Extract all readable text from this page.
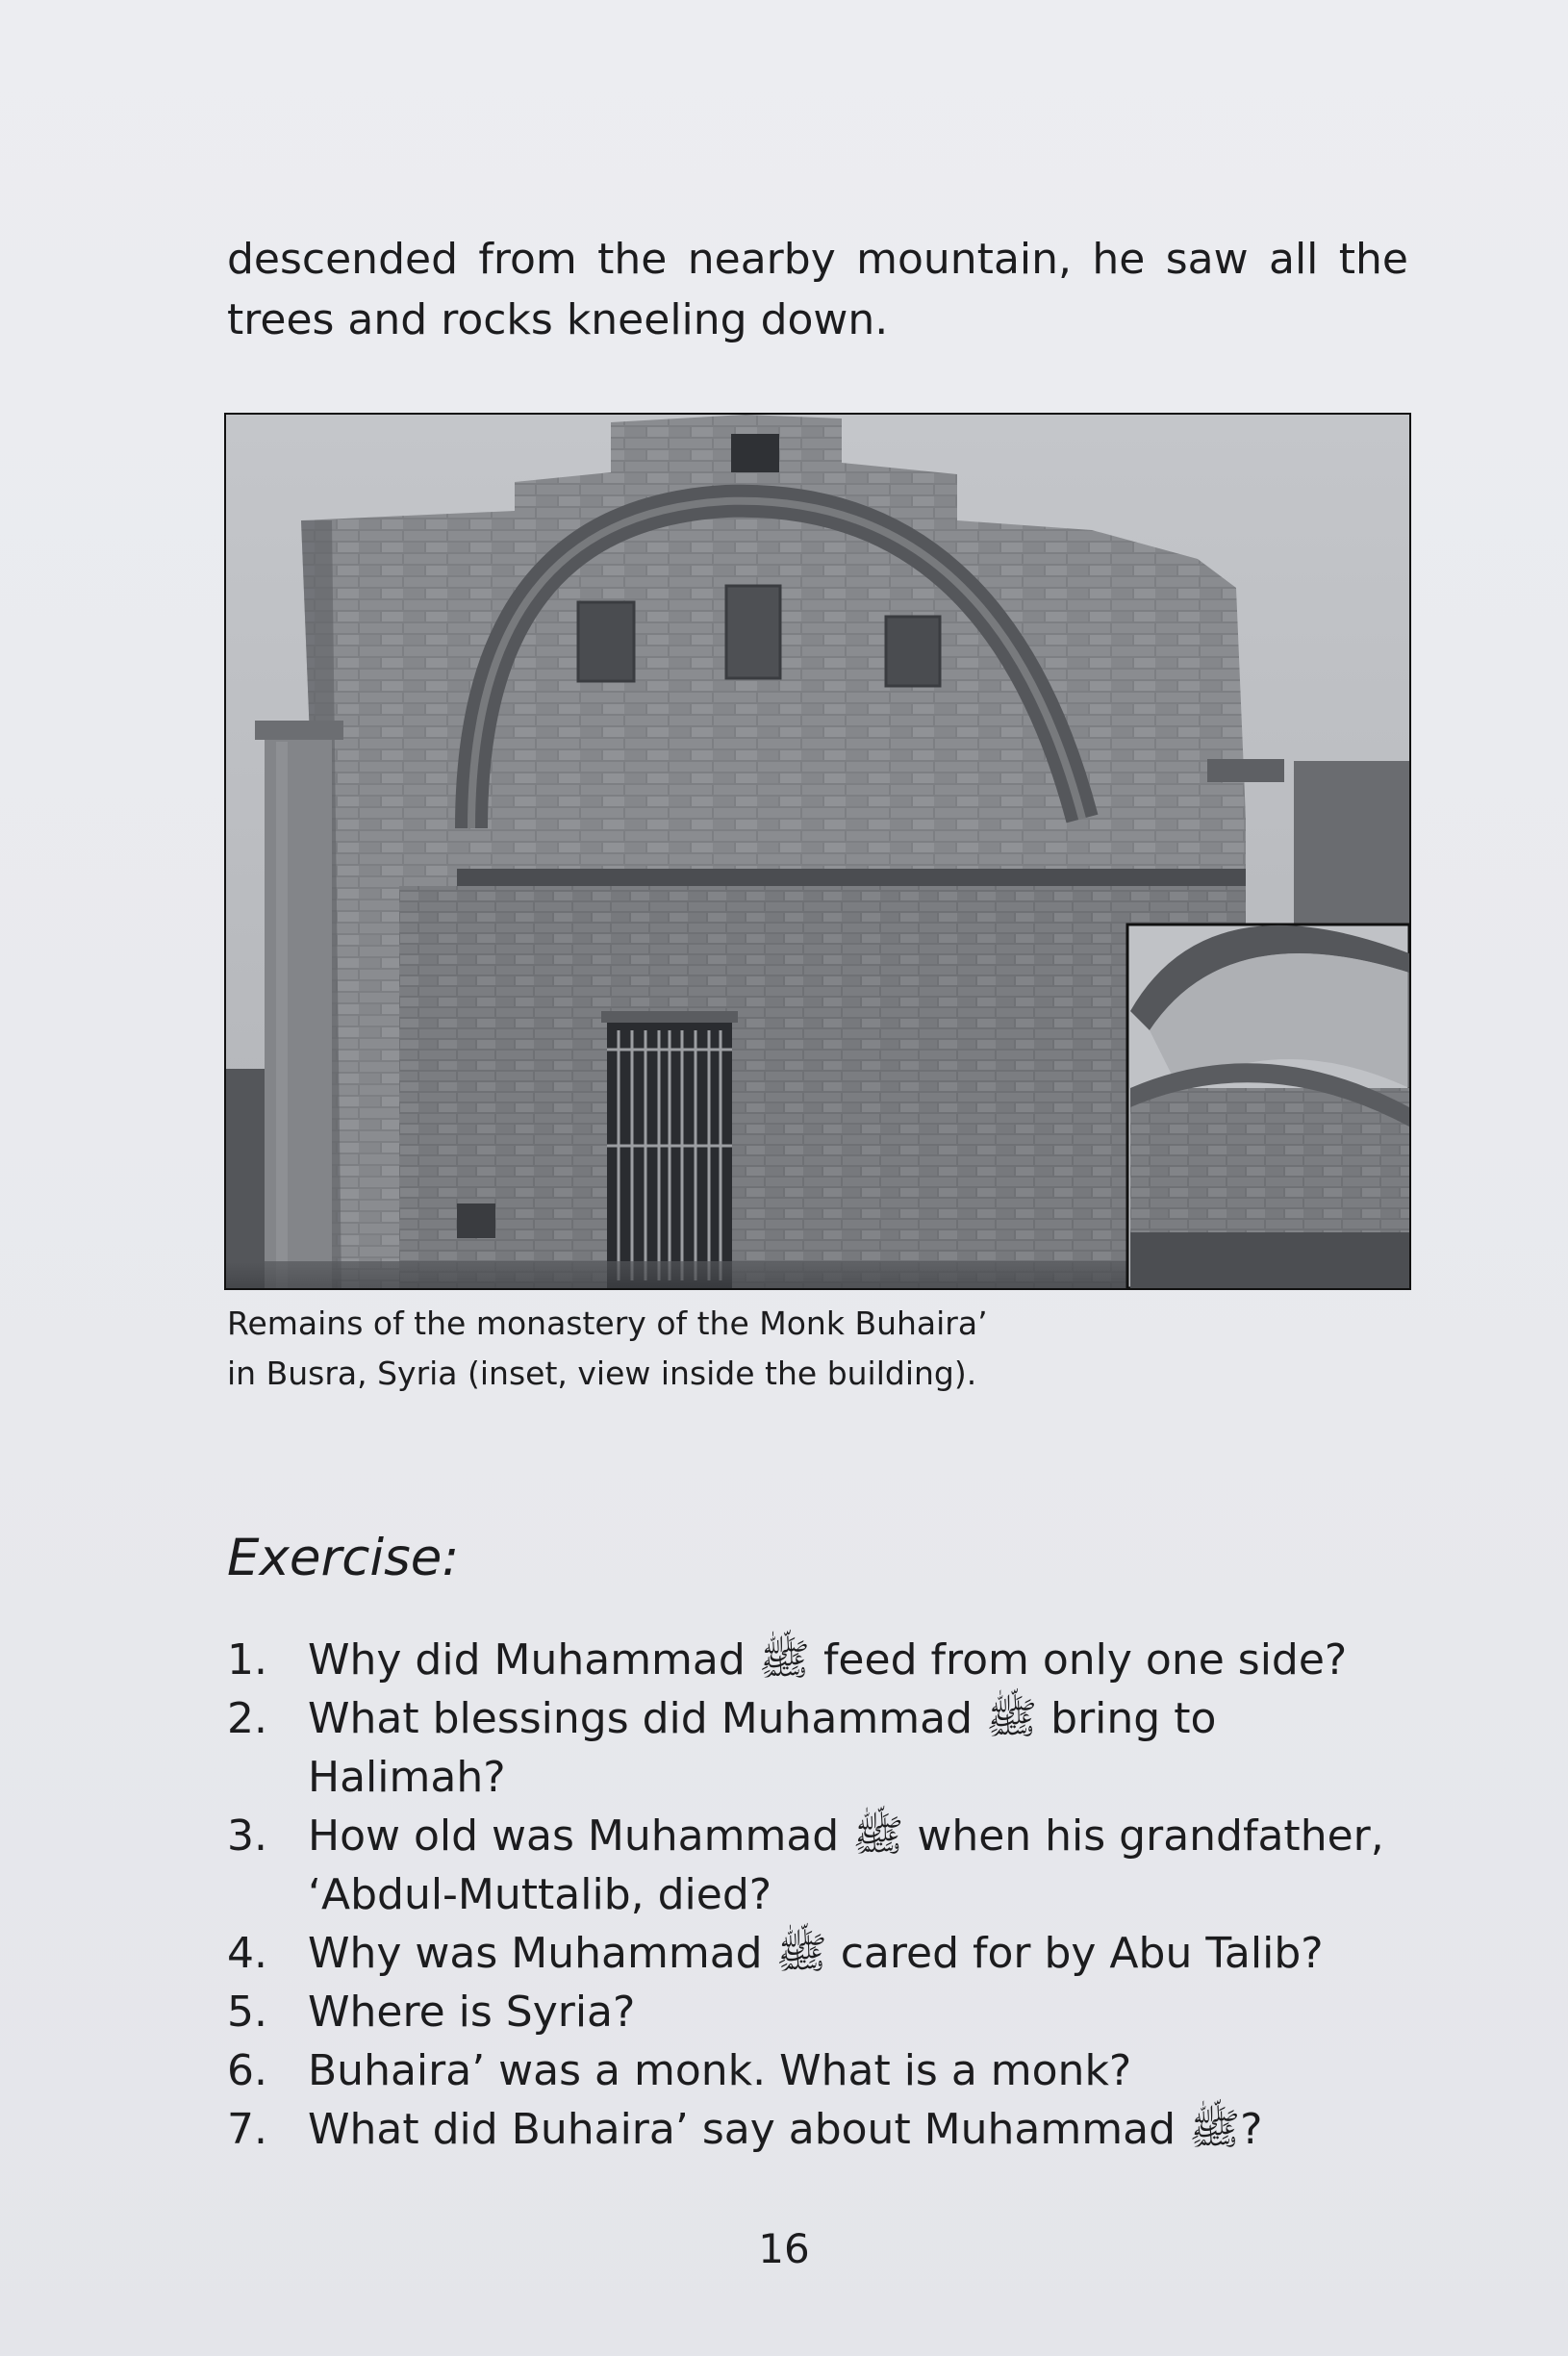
descended from the nearby mountain, he saw all the trees and rocks kneeling down.

Remains of the monastery of the Monk Buhaira’
in Busra, Syria (inset, view inside the building).
Exercise:
1. Why did Muhammad ﷺ feed from only one side?
2. What blessings did Muhammad ﷺ bring to Halimah?
3. How old was Muhammad ﷺ when his grandfather, ‘Abdul-Muttalib, died?
4. Why was Muhammad ﷺ cared for by Abu Talib?
5. Where is Syria?
6. Buhaira’ was a monk. What is a monk?
7. What did Buhaira’ say about Muhammad ﷺ?
16
